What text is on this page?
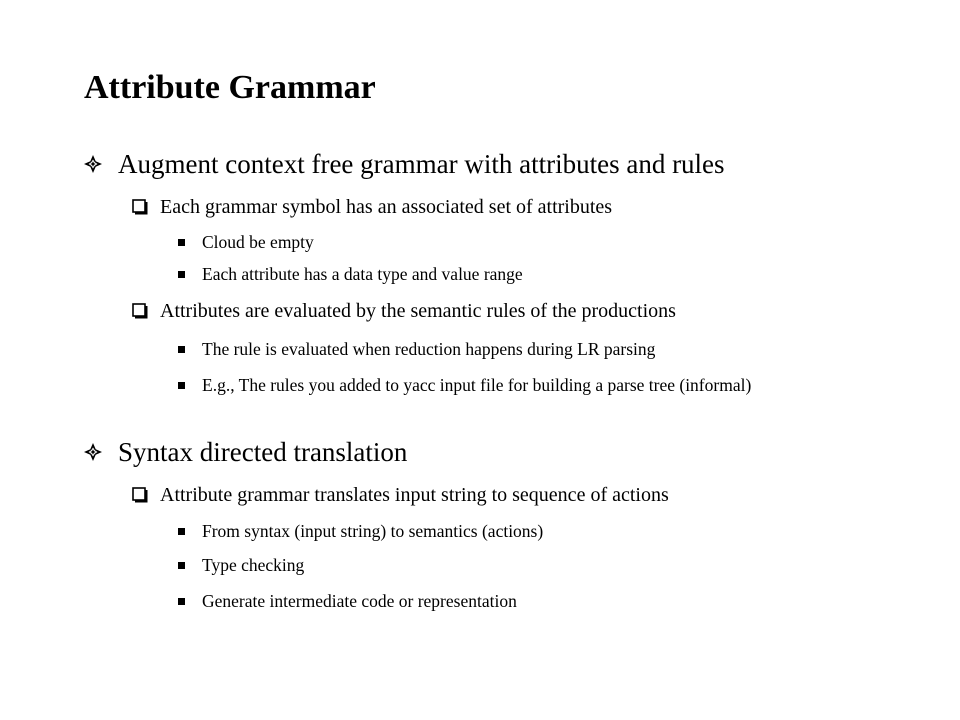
Attribute Grammar
Augment context free grammar with attributes and rules
Each grammar symbol has an associated set of attributes
Cloud be empty
Each attribute has a data type and value range
Attributes are evaluated by the semantic rules of the productions
The rule is evaluated when reduction happens during LR parsing
E.g., The rules you added to yacc input file for building a parse tree (informal)
Syntax directed translation
Attribute grammar translates input string to sequence of actions
From syntax (input string) to semantics (actions)
Type checking
Generate intermediate code or representation
